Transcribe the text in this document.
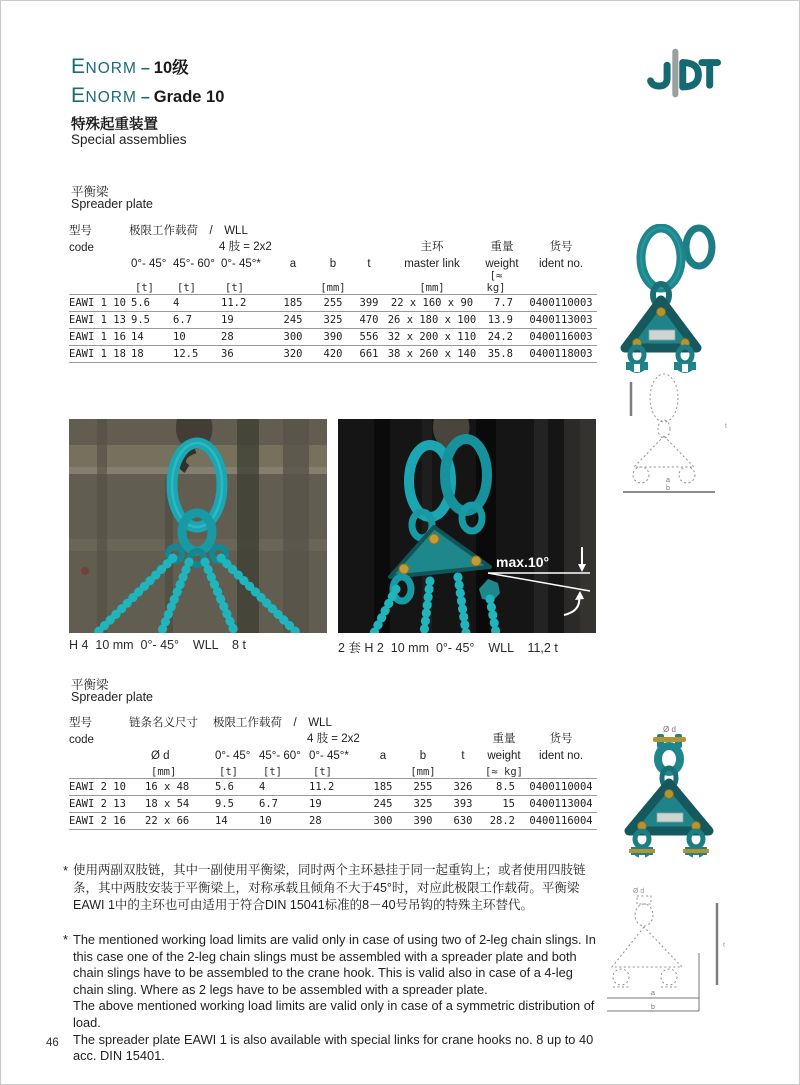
ENORM – 10级
ENORM – Grade 10
特殊起重装置
Special assemblies
平衡梁
Spreader plate
型号	极限工作载荷　/　WLL								
code			4 肢 = 2x2				主环	重量	货号
	0°- 45°	45°- 60°	0°- 45°*	a	b	t	master link	weight	ident no.
	[t]	[t]	[t]		[mm]		[mm]	[≈ kg]	
EAWI 1 10	5.6	4	11.2	185	255	399	22 x 160 x 90	7.7	0400110003
EAWI 1 13	9.5	6.7	19	245	325	470	26 x 180 x 100	13.9	0400113003
EAWI 1 16	14	10	28	300	390	556	32 x 200 x 110	24.2	0400116003
EAWI 1 18	18	12.5	36	320	420	661	38 x 260 x 140	35.8	0400118003
a
b
t
max.10°
H 4  10 mm  0°- 45°    WLL    8 t	2 套 H 2  10 mm  0°- 45°    WLL    11,2 t
平衡梁
Spreader plate
型号	链条名义尺寸	极限工作载荷　/　WLL							
code				4 肢 = 2x2				重量	货号
	Ø d	0°- 45°	45°- 60°	0°- 45°*	a	b	t	weight	ident no.
	[mm]	[t]	[t]	[t]		[mm]		[≈ kg]	
EAWI 2 10	16 x 48	5.6	4	11.2	185	255	326	8.5	0400110004
EAWI 2 13	18 x 54	9.5	6.7	19	245	325	393	15	0400113004
EAWI 2 16	22 x 66	14	10	28	300	390	630	28.2	0400116004
Ø d
Ø d
t
a
b
* 使用两副双肢链，其中一副使用平衡梁，同时两个主环悬挂于同一起重钩上；或者使用四肢链条，其中两肢安装于平衡梁上，对称承载且倾角不大于45°时，对应此极限工作载荷。平衡梁EAWI 1中的主环也可由适用于符合DIN 15041标准的8－40号吊钩的特殊主环替代。
* The mentioned working load limits are valid only in case of using two of 2-leg chain slings. In this case one of the 2-leg chain slings must be assembled with a spreader plate and both chain slings have to be assembled to the crane hook. This is valid also in case of a 4-leg chain sling. Where as 2 legs have to be assembled with a spreader plate.

The above mentioned working load limits are valid only in case of a symmetric distribution of load.

The spreader plate EAWI 1 is also available with special links for crane hooks no. 8 up to 40 acc. DIN 15401.

46
